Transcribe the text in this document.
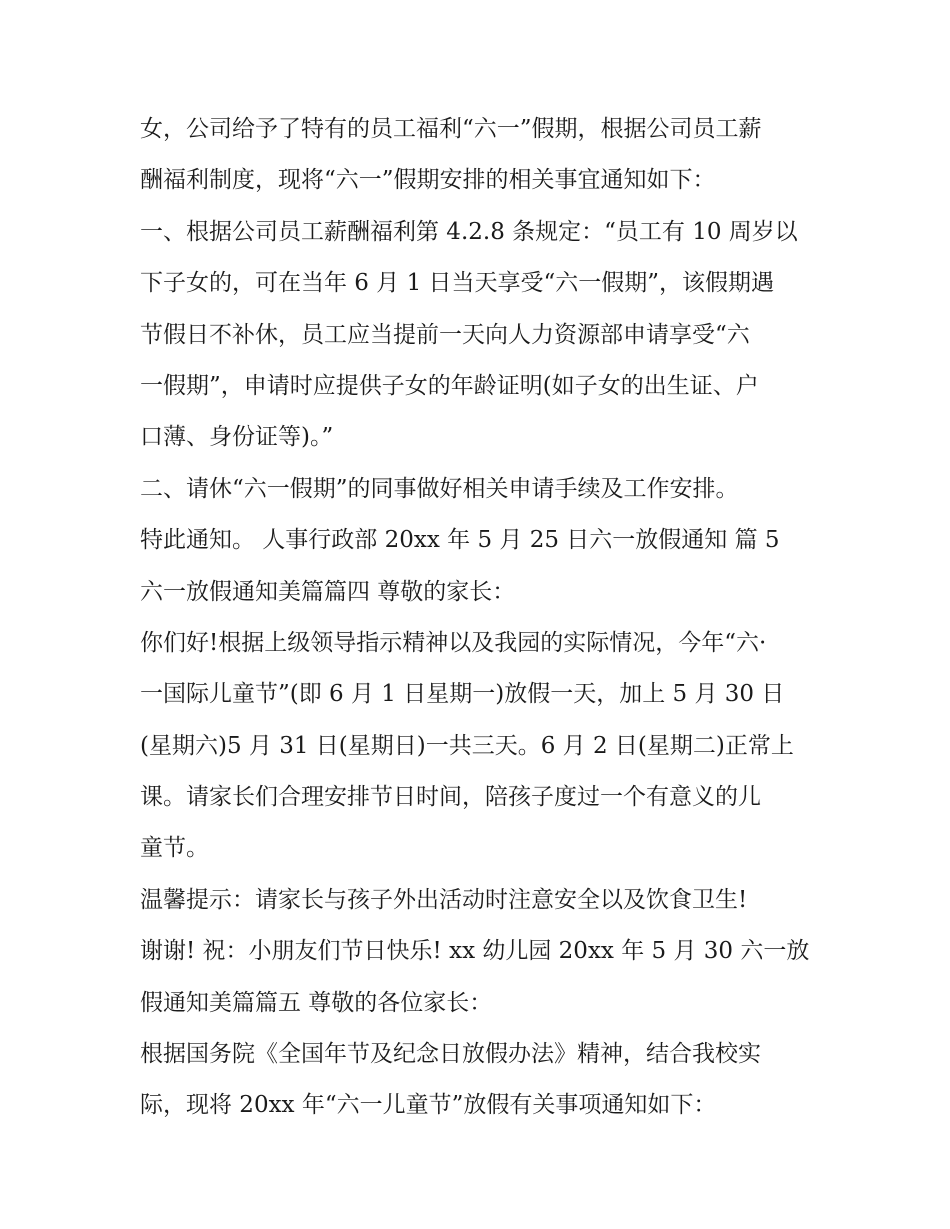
女，公司给予了特有的员工福利“六一”假期，根据公司员工薪
酬福利制度，现将“六一”假期安排的相关事宜通知如下：
一、根据公司员工薪酬福利第 4.2.8 条规定：“员工有 10 周岁以
下子女的，可在当年 6 月 1 日当天享受“六一假期”，该假期遇
节假日不补休，员工应当提前一天向人力资源部申请享受“六
一假期”，申请时应提供子女的年龄证明(如子女的出生证、户
口薄、身份证等)。”
二、请休“六一假期”的同事做好相关申请手续及工作安排。
特此通知。 人事行政部 20xx 年 5 月 25 日六一放假通知 篇 5
六一放假通知美篇篇四 尊敬的家长：
你们好!根据上级领导指示精神以及我园的实际情况，今年“六·
一国际儿童节”(即 6 月 1 日星期一)放假一天，加上 5 月 30 日
(星期六)5 月 31 日(星期日)一共三天。6 月 2 日(星期二)正常上
课。请家长们合理安排节日时间，陪孩子度过一个有意义的儿
童节。
温馨提示：请家长与孩子外出活动时注意安全以及饮食卫生!
谢谢! 祝：小朋友们节日快乐! xx 幼儿园 20xx 年 5 月 30 六一放
假通知美篇篇五 尊敬的各位家长：
根据国务院《全国年节及纪念日放假办法》精神，结合我校实
际，现将 20xx 年“六一儿童节”放假有关事项通知如下：
